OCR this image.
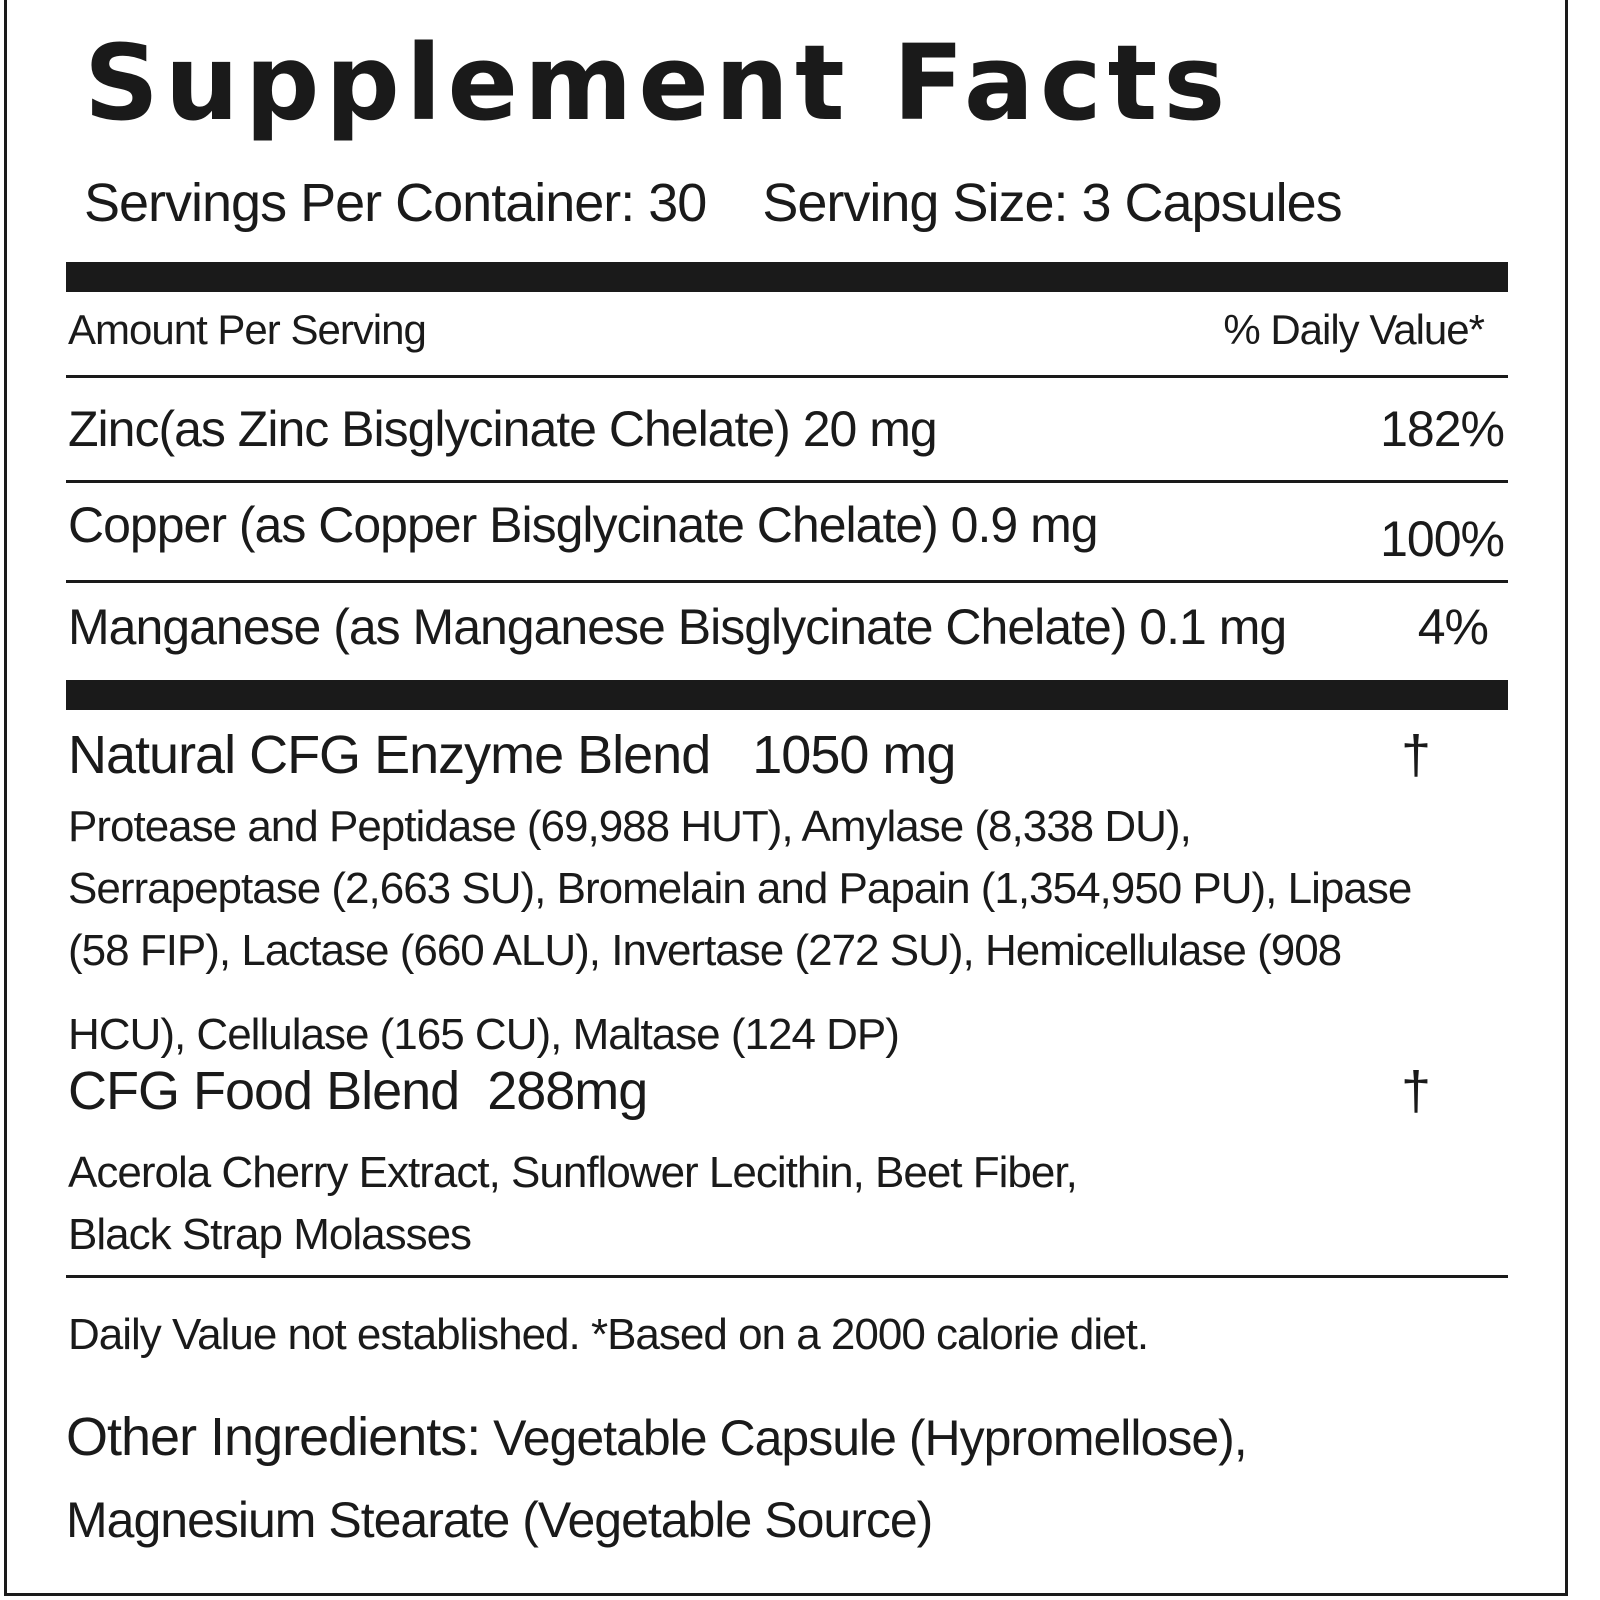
Supplement Facts
Servings Per Container: 30 Serving Size: 3 Capsules
Amount Per Serving	% Daily Value*
Zinc(as Zinc Bisglycinate Chelate) 20 mg	182%
Copper (as Copper Bisglycinate Chelate) 0.9 mg	100%
Manganese (as Manganese Bisglycinate Chelate) 0.1 mg	4%
Natural CFG Enzyme Blend   1050 mg	†
Protease and Peptidase (69,988 HUT), Amylase (8,338 DU),
Serrapeptase (2,663 SU), Bromelain and Papain (1,354,950 PU), Lipase
(58 FIP), Lactase (660 ALU), Invertase (272 SU), Hemicellulase (908
HCU), Cellulase (165 CU), Maltase (124 DP)
CFG Food Blend  288mg	†
Acerola Cherry Extract, Sunflower Lecithin, Beet Fiber,
Black Strap Molasses
Daily Value not established. *Based on a 2000 calorie diet.
Other Ingredients: Vegetable Capsule (Hypromellose), Magnesium Stearate (Vegetable Source)
